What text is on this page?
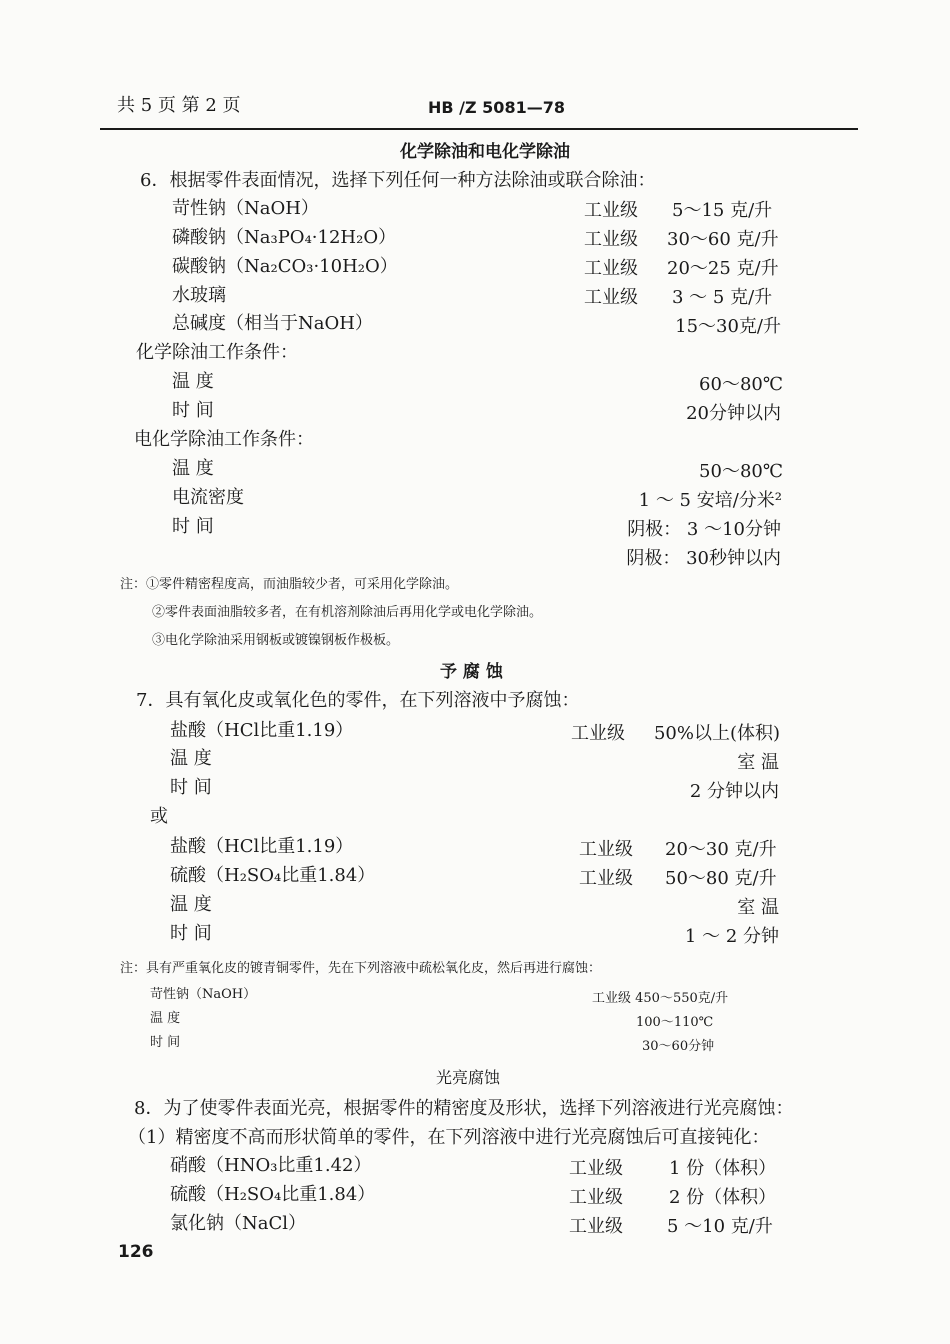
共 5 页 第 2 页	HB /Z 5081—78
化学除油和电化学除油
6．根据零件表面情况，选择下列任何一种方法除油或联合除油：
苛性钠（NaOH）	工业级 5～15 克/升
磷酸钠（Na₃PO₄·12H₂O）	工业级 30～60 克/升
碳酸钠（Na₂CO₃·10H₂O）	工业级 20～25 克/升
水玻璃	工业级 3 ～ 5 克/升
总碱度（相当于NaOH）	15～30克/升
化学除油工作条件：
温 度	60～80℃
时 间	20分钟以内
电化学除油工作条件：
温 度	50～80℃
电流密度	1 ～ 5 安培/分米²
时 间	阴极： 3 ～10分钟
阴极： 30秒钟以内
注：①零件精密程度高，而油脂较少者，可采用化学除油。
②零件表面油脂较多者，在有机溶剂除油后再用化学或电化学除油。
③电化学除油采用钢板或镀镍钢板作极板。
予 腐 蚀
7．具有氧化皮或氧化色的零件，在下列溶液中予腐蚀：
盐酸（HCl比重1.19）	工业级	50%以上(体积)
温 度	室 温
时 间	2 分钟以内
或
盐酸（HCl比重1.19）	工业级 20～30 克/升
硫酸（H₂SO₄比重1.84）	工业级 50～80 克/升
温 度	室 温
时 间	1 ～ 2 分钟
注：具有严重氧化皮的镀青铜零件，先在下列溶液中疏松氧化皮，然后再进行腐蚀：
苛性钠（NaOH）	工业级 450～550克/升
温 度	100～110℃
时 间	30～60分钟
光亮腐蚀
8．为了使零件表面光亮，根据零件的精密度及形状，选择下列溶液进行光亮腐蚀：
（1）精密度不高而形状简单的零件，在下列溶液中进行光亮腐蚀后可直接钝化：
硝酸（HNO₃比重1.42）	工业级	1 份（体积）
硫酸（H₂SO₄比重1.84）	工业级	2 份（体积）
氯化钠（NaCl）	工业级 5 ～10 克/升
126
